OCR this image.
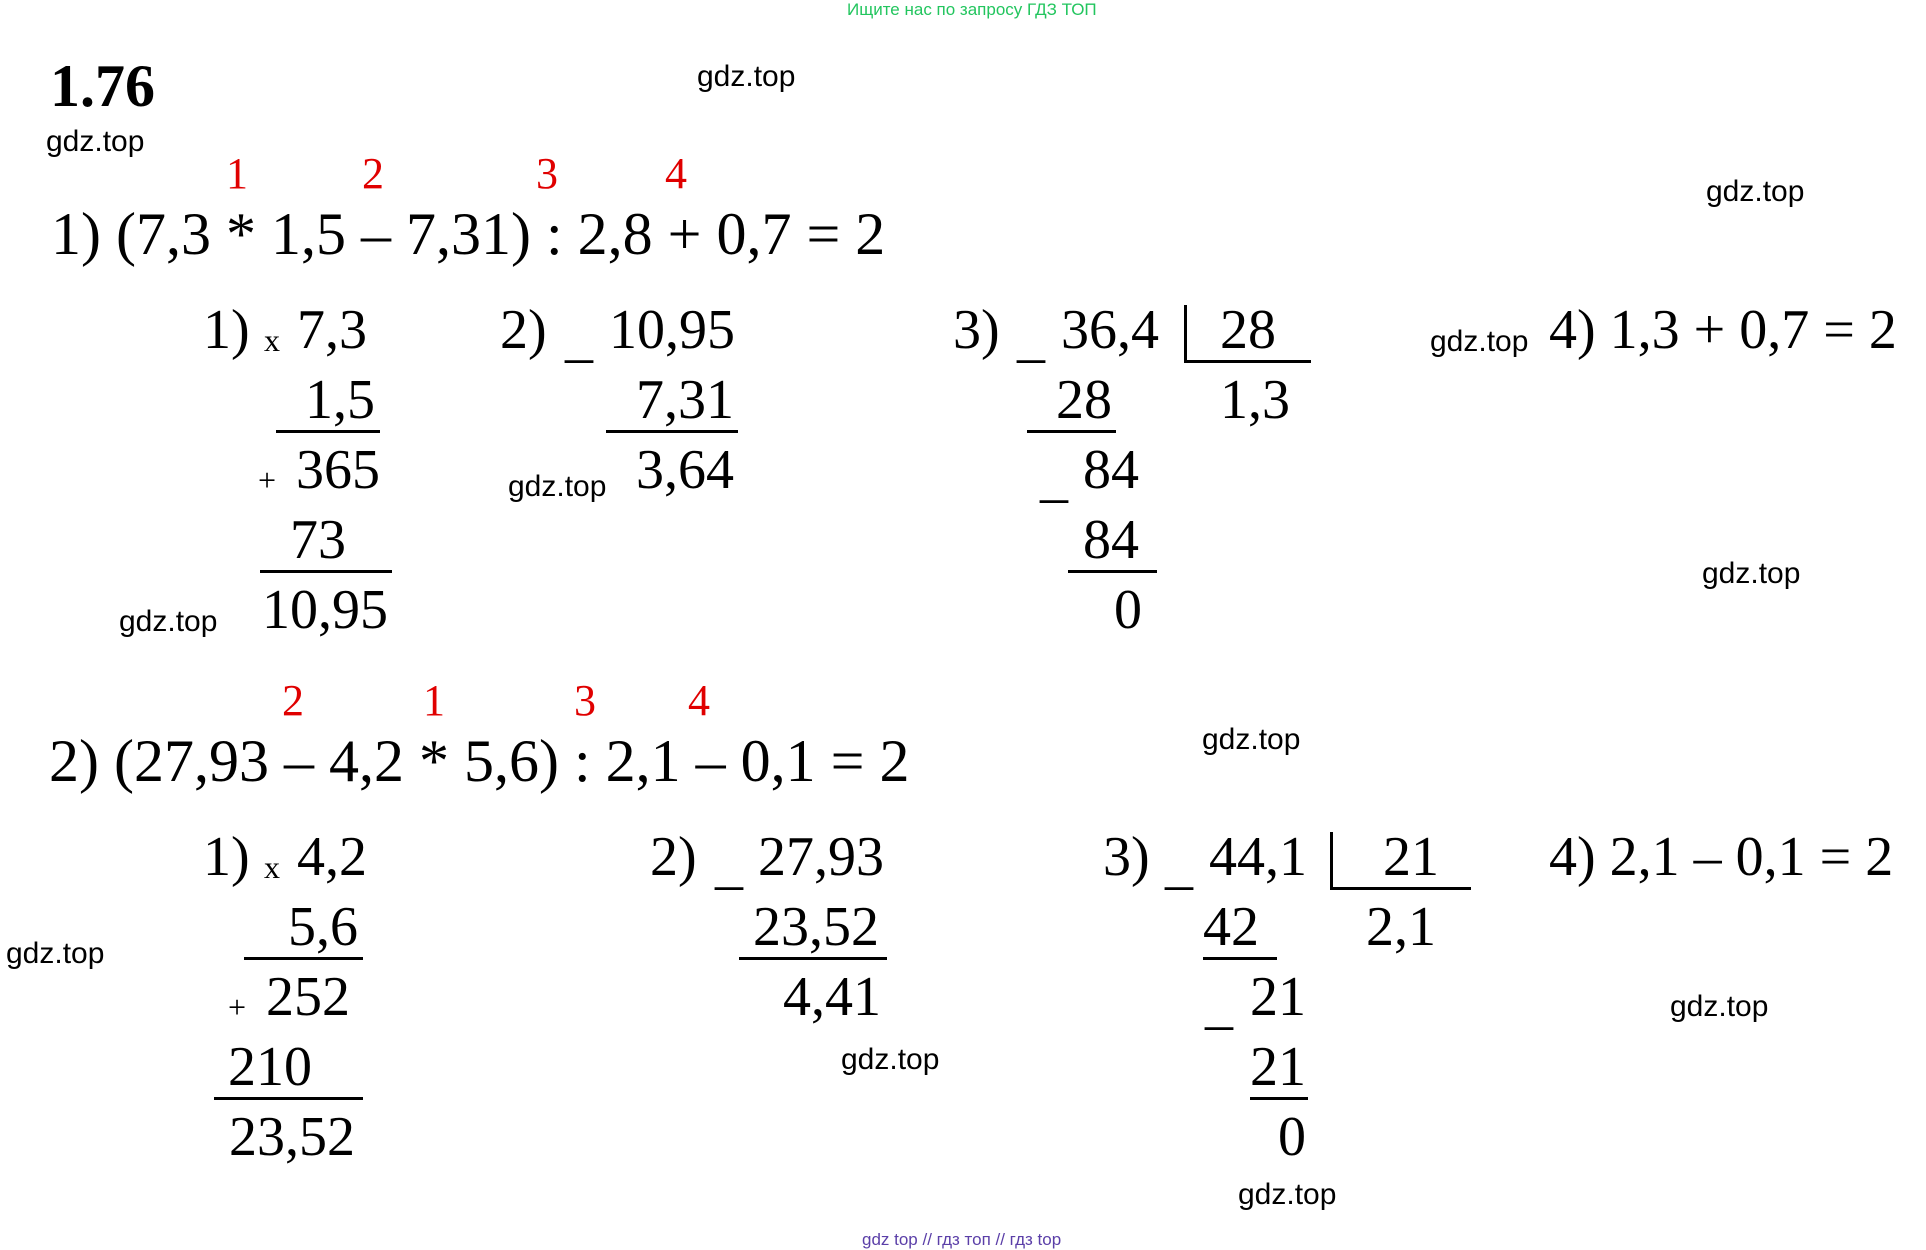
Ищите нас по запросу ГДЗ ТОП
1.76	gdz.top
gdz.top
gdz.top
gdz.top
gdz.top
gdz.top
gdz.top
gdz.top
gdz.top
gdz.top
gdz.top
gdz.top
1	2	3 4
1) (7,3 * 1,5 – 7,31) : 2,8 + 0,7 = 2
1) x 7,3
1,5
+ 365
73
10,95
2) _ 10,95
7,31
3,64
3) _ 36,4 28
28 1,3
_ 84
84
0
4) 1,3 + 0,7 = 2
2	1	3 4
2) (27,93 – 4,2 * 5,6) : 2,1 – 0,1 = 2
1) x 4,2
5,6
+ 252
210
23,52
2) _ 27,93
23,52
4,41
3) _ 44,1 21
42 2,1
_ 21
21
0
4) 2,1 – 0,1 = 2
gdz top // гдз топ // гдз top
